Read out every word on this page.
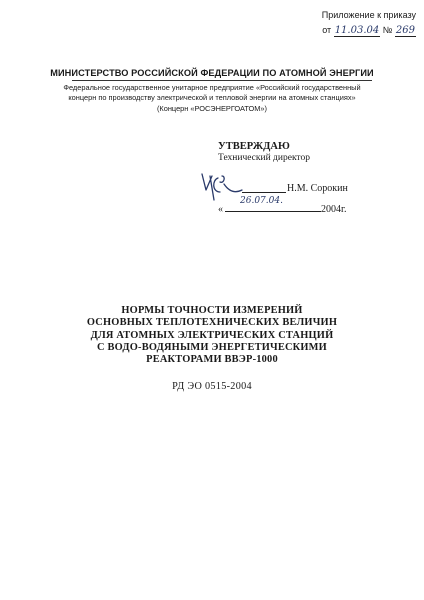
Приложение к приказу
от 11.03.04 № 269
МИНИСТЕРСТВО РОССИЙСКОЙ ФЕДЕРАЦИИ ПО АТОМНОЙ ЭНЕРГИИ
Федеральное государственное унитарное предприятие «Российский государственный
концерн по производству электрической и тепловой энергии на атомных станциях»
(Концерн «РОСЭНЕРГОАТОМ»)
УТВЕРЖДАЮ
Технический директор
Н.М. Сорокин
26.07.04.
«	2004г.
НОРМЫ ТОЧНОСТИ ИЗМЕРЕНИЙ
ОСНОВНЫХ ТЕПЛОТЕХНИЧЕСКИХ ВЕЛИЧИН
ДЛЯ АТОМНЫХ ЭЛЕКТРИЧЕСКИХ СТАНЦИЙ
С ВОДО-ВОДЯНЫМИ ЭНЕРГЕТИЧЕСКИМИ
РЕАКТОРАМИ ВВЭР-1000
РД ЭО 0515-2004
